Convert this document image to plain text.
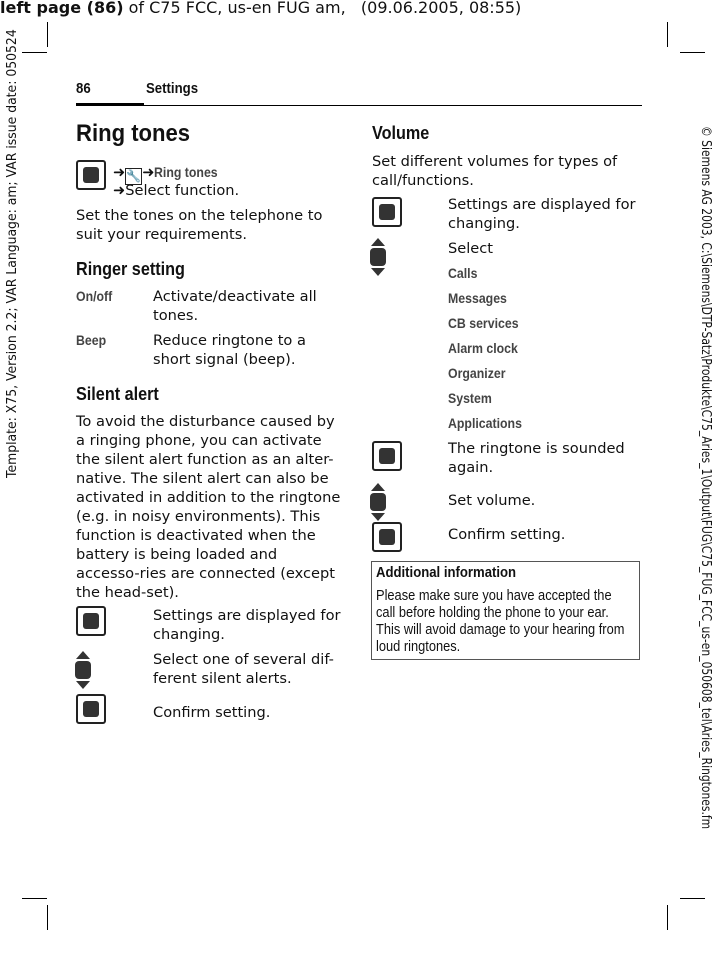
left page (86) of C75 FCC, us-en FUG am, (09.06.2005, 08:55)
Template: X75, Version 2.2; VAR Language: am; VAR issue date: 050524	© Siemens AG 2003, C:\Siemens\DTP-Satz\Produkte\C75_Aries_1\Output\FUG\C75_FUG_FCC_us-en_050608_tel\Aries_Ringtones.fm
86	Settings
Ring tones
➜🔧➜Ring tones
➜Select function.
Set the tones on the telephone to suit your requirements.
Ringer setting
On/off	Activate/deactivate all tones.
Beep	Reduce ringtone to a short signal (beep).
Silent alert
To avoid the disturbance caused by a ringing phone, you can activate the silent alert function as an alter-native. The silent alert can also be activated in addition to the ringtone (e.g. in noisy environments). This function is deactivated when the battery is being loaded and accesso-ries are connected (except the head-set).
Settings are displayed for changing.
Select one of several dif-ferent silent alerts.
Confirm setting.
Volume
Set different volumes for types of call/functions.
Settings are displayed for changing.
Select
Calls
Messages
CB services
Alarm clock
Organizer
System
Applications
The ringtone is sounded again.
Set volume.
Confirm setting.
Additional information
Please make sure you have accepted the call before holding the phone to your ear. This will avoid damage to your hearing from loud ringtones.
